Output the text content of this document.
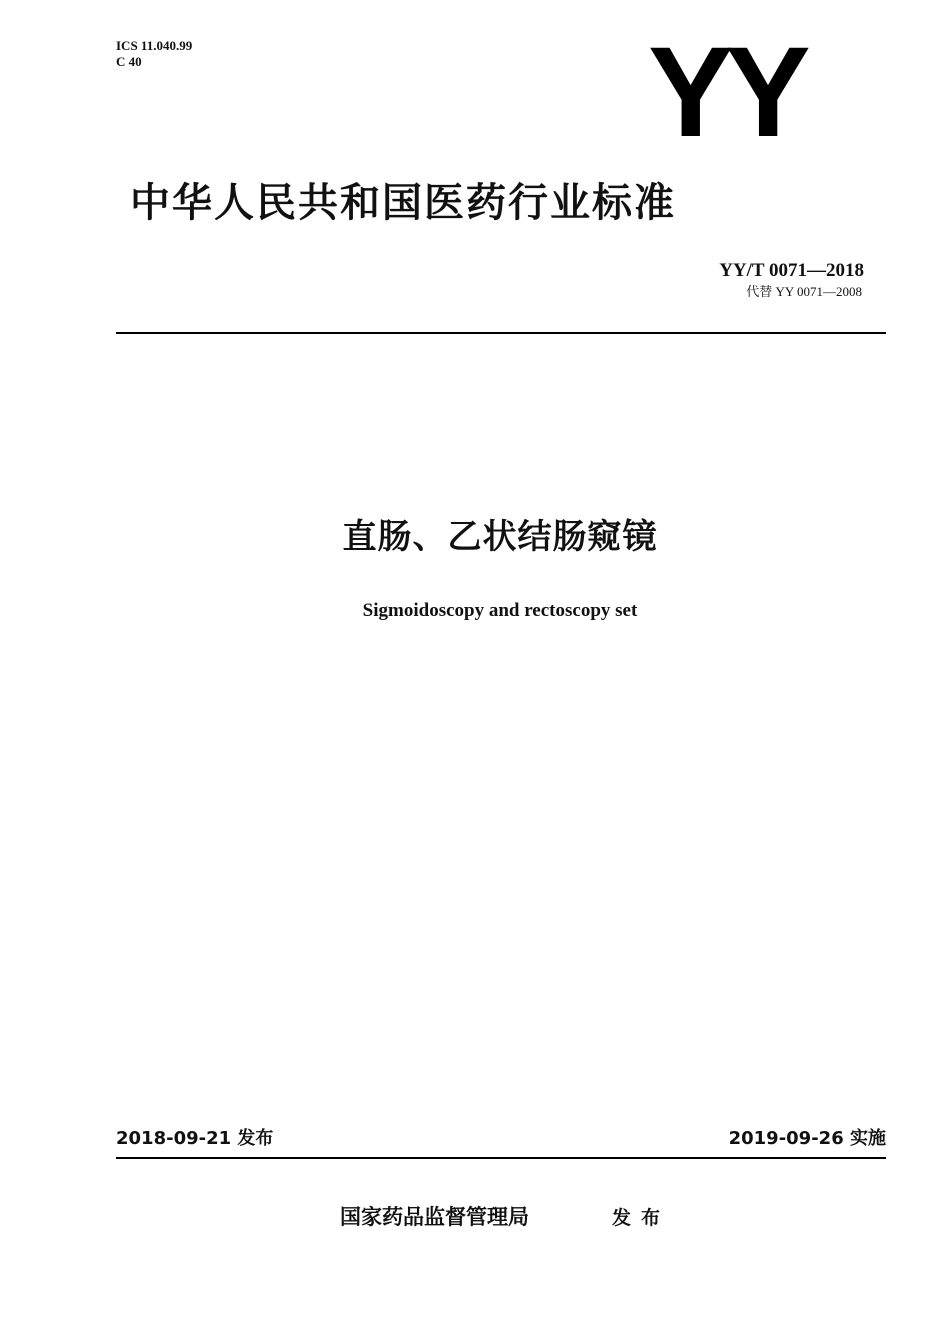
ICS 11.040.99
C 40	YY
中华人民共和国医药行业标准
YY/T 0071—2018
代替 YY 0071—2008
直肠、乙状结肠窥镜
Sigmoidoscopy and rectoscopy set
2018-09-21 发布	2019-09-26 实施
国家药品监督管理局	发布
